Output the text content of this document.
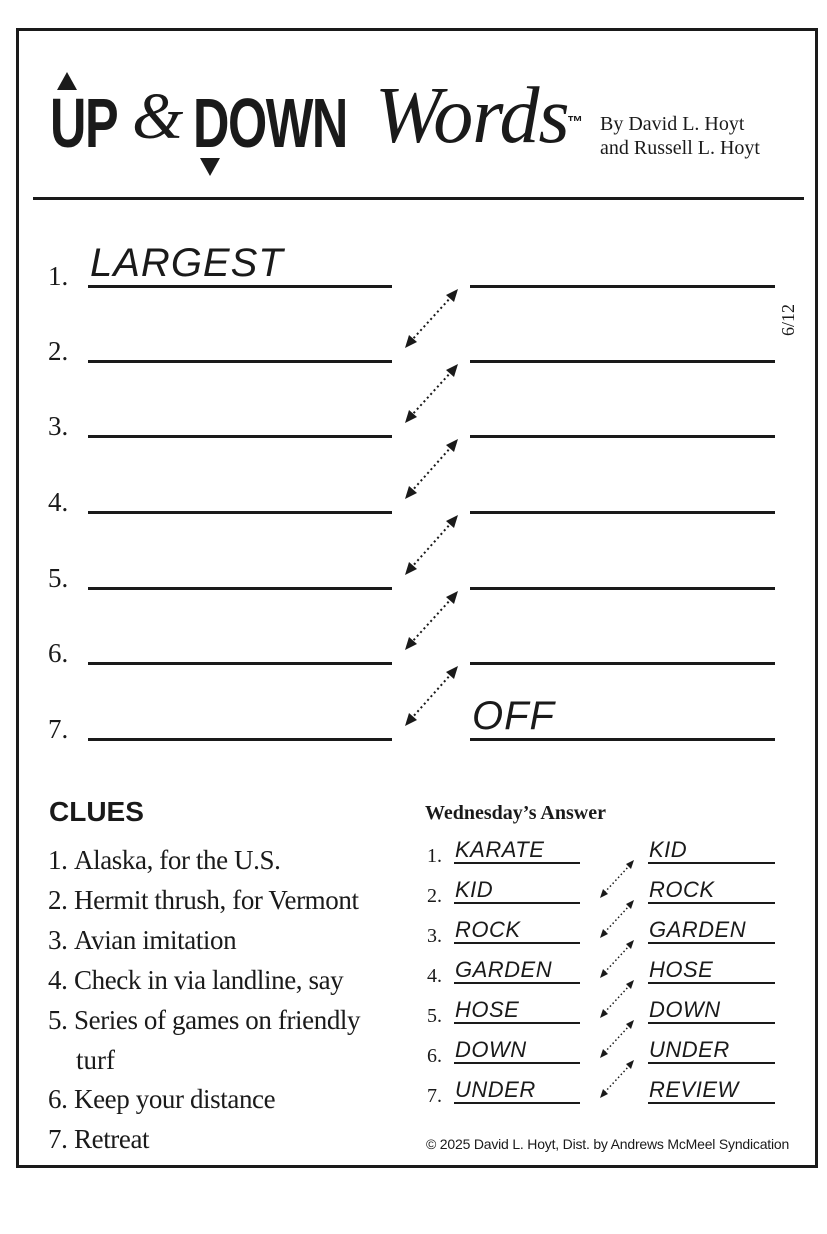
UP & DOWN Words
™ By David L. Hoyt
and Russell L. Hoyt
6/12
1. LARGEST
2.
3.
4.
5.
6.
7.	OFF
CLUES
1. Alaska, for the U.S.
2. Hermit thrush, for Vermont
3. Avian imitation
4. Check in via landline, say
5. Series of games on friendly
turf
6. Keep your distance
7. Retreat
Wednesday’s Answer
1. KARATE	KID
2. KID	ROCK
3. ROCK	GARDEN
4. GARDEN	HOSE
5. HOSE	DOWN
6. DOWN	UNDER
7. UNDER	REVIEW
© 2025 David L. Hoyt, Dist. by Andrews McMeel Syndication
